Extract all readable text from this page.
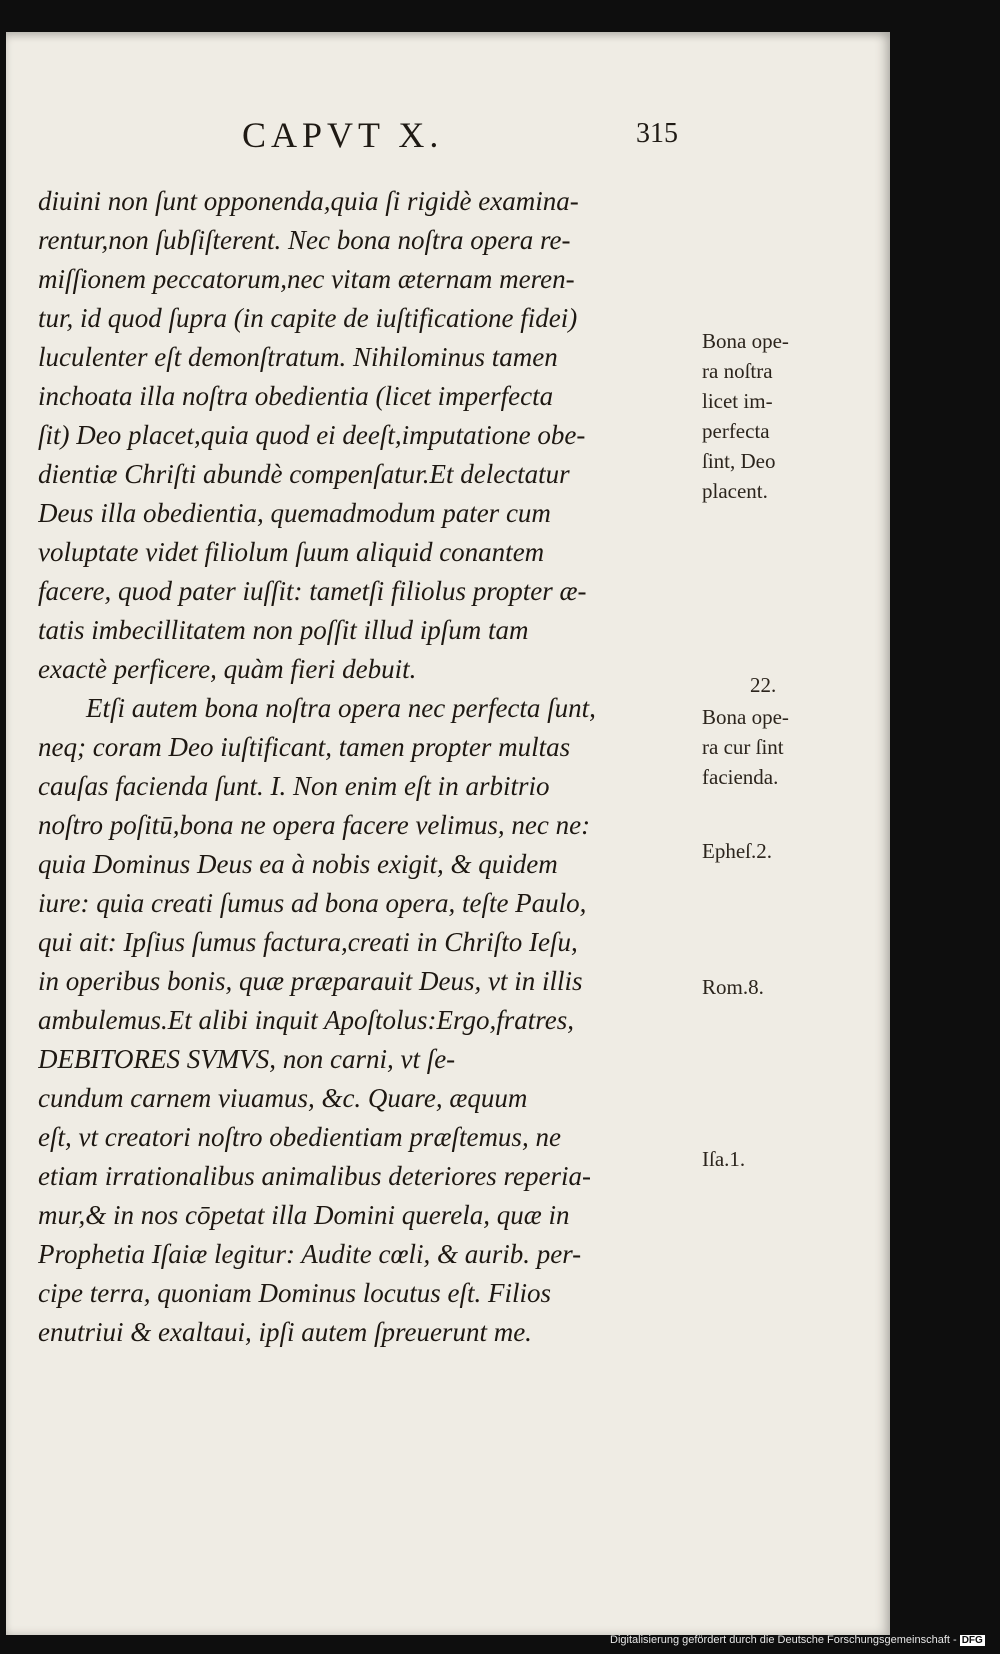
CAPVT X.	315
diuini non ſunt opponenda,quia ſi rigidè examina-
rentur,non ſubſiſterent. Nec bona noſtra opera re-
miſſionem peccatorum,nec vitam æternam meren-
tur, id quod ſupra (in capite de iuſtificatione fidei)
luculenter eſt demonſtratum. Nihilominus tamen
inchoata illa noſtra obedientia (licet imperfecta
ſit) Deo placet,quia quod ei deeſt,imputatione obe-
dientiæ Chriſti abundè compenſatur.Et delectatur
Deus illa obedientia, quemadmodum pater cum
voluptate videt filiolum ſuum aliquid conantem
facere, quod pater iuſſit: tametſi filiolus propter æ-
tatis imbecillitatem non poſſit illud ipſum tam
exactè perficere, quàm fieri debuit.
Etſi autem bona noſtra opera nec perfecta ſunt,
neq; coram Deo iuſtificant, tamen propter multas
cauſas facienda ſunt. I. Non enim eſt in arbitrio
noſtro poſitū,bona ne opera facere velimus, nec ne:
quia Dominus Deus ea à nobis exigit, & quidem
iure: quia creati ſumus ad bona opera, teſte Paulo,
qui ait: Ipſius ſumus factura,creati in Chriſto Ieſu,
in operibus bonis, quæ præparauit Deus, vt in illis
ambulemus.Et alibi inquit Apoſtolus:Ergo,fratres,
DEBITORES SVMVS, non carni, vt ſe-
cundum carnem viuamus, &c. Quare, æquum
eſt, vt creatori noſtro obedientiam præſtemus, ne
etiam irrationalibus animalibus deteriores reperia-
mur,& in nos cōpetat illa Domini querela, quæ in
Prophetia Iſaiæ legitur: Audite cœli, & aurib. per-
cipe terra, quoniam Dominus locutus eſt. Filios
enutriui & exaltaui, ipſi autem ſpreuerunt me.
Bona ope-
ra noſtra
licet im-
perfecta
ſint, Deo
placent.
22.
Bona ope-
ra cur ſint
facienda.
Epheſ.2.
Rom.8.
Iſa.1.
Digitalisierung gefördert durch die Deutsche Forschungsgemeinschaft - DFG
